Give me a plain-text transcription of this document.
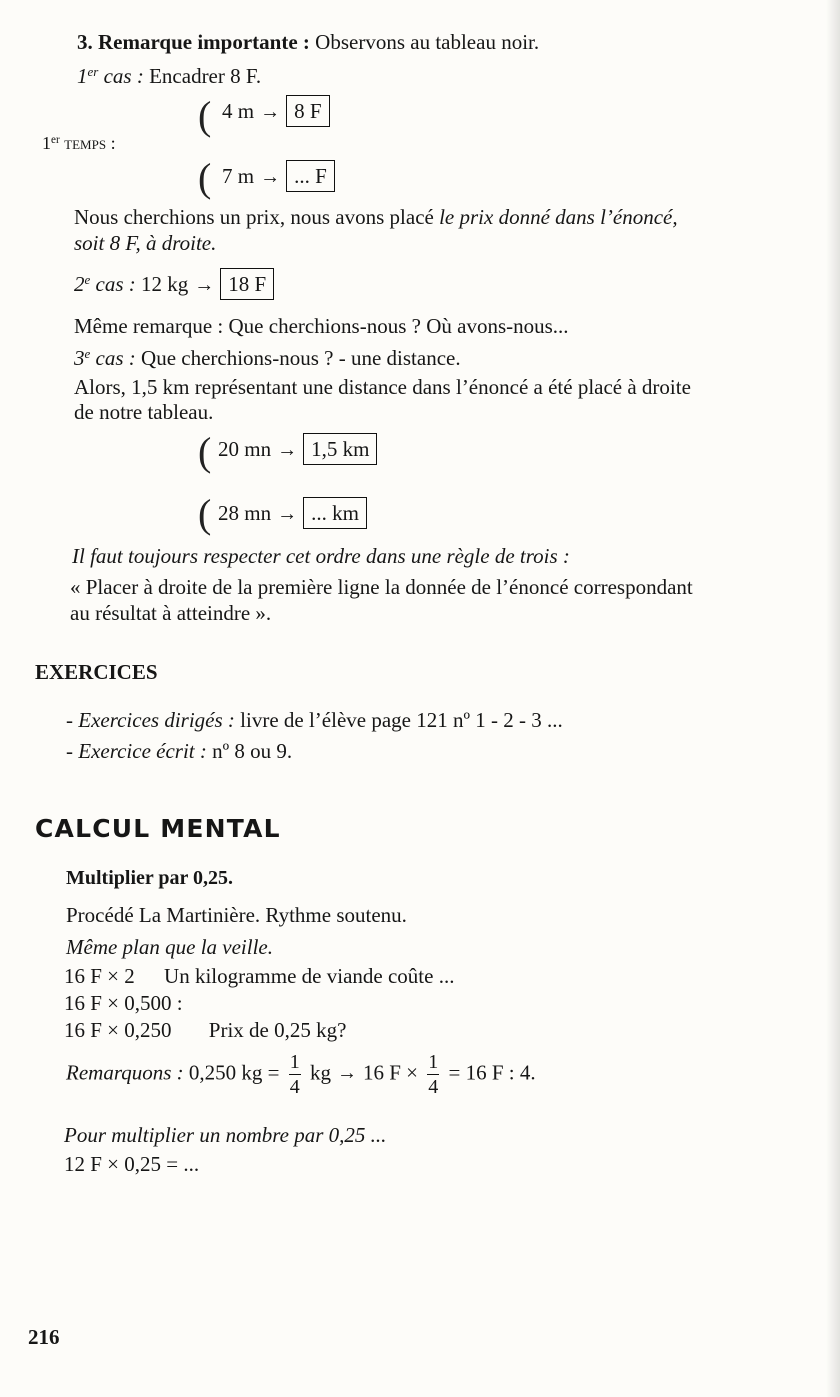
3. Remarque importante : Observons au tableau noir.
1er cas : Encadrer 8 F.
1er temps :
(
(
4 m → 8 F
7 m → ... F
Nous cherchions un prix, nous avons placé le prix donné dans l’énoncé,
soit 8 F, à droite.
2e cas : 12 kg → 18 F
Même remarque : Que cherchions-nous ? Où avons-nous...
3e cas : Que cherchions-nous ? - une distance.
Alors, 1,5 km représentant une distance dans l’énoncé a été placé à droite
de notre tableau.
(
(
20 mn → 1,5 km
28 mn → ... km
Il faut toujours respecter cet ordre dans une règle de trois :
« Placer à droite de la première ligne la donnée de l’énoncé correspondant
au résultat à atteindre ».
EXERCICES
- Exercices dirigés : livre de l’élève page 121 nº 1 - 2 - 3 ...
- Exercice écrit : nº 8 ou 9.
CALCUL MENTAL
Multiplier par 0,25.
Procédé La Martinière. Rythme soutenu.
Même plan que la veille.
16 F × 2 Un kilogramme de viande coûte ...
16 F × 0,500 :
16 F × 0,250 Prix de 0,25 kg?
Remarquons : 0,250 kg = $\frac{1}{4}$ kg → 16 $F \times \frac{1}{4} = 16$ F : 4.
Pour multiplier un nombre par 0,25 ...
12 F × 0,25 = ...
216
